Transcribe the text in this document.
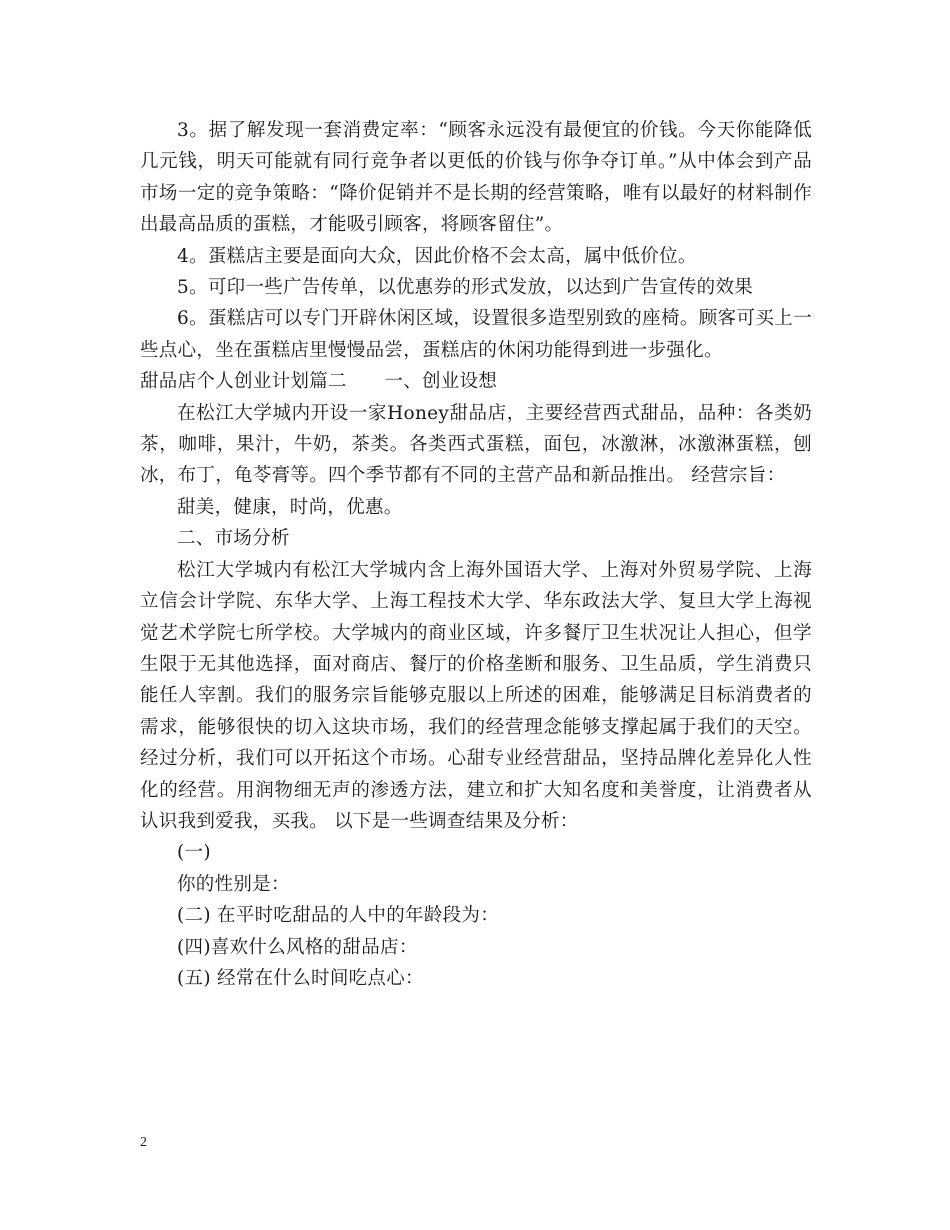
3。据了解发现一套消费定率：“顾客永远没有最便宜的价钱。今天你能降低几元钱，明天可能就有同行竞争者以更低的价钱与你争夺订单。”从中体会到产品市场一定的竞争策略：“降价促销并不是长期的经营策略，唯有以最好的材料制作出最高品质的蛋糕，才能吸引顾客，将顾客留住”。

4。蛋糕店主要是面向大众，因此价格不会太高，属中低价位。

5。可印一些广告传单，以优惠券的形式发放，以达到广告宣传的效果

6。蛋糕店可以专门开辟休闲区域，设置很多造型别致的座椅。顾客可买上一些点心，坐在蛋糕店里慢慢品尝，蛋糕店的休闲功能得到进一步强化。

甜品店个人创业计划篇二　　一、创业设想

在松江大学城内开设一家Honey甜品店，主要经营西式甜品，品种：各类奶茶，咖啡，果汁，牛奶，茶类。各类西式蛋糕，面包，冰激淋，冰激淋蛋糕，刨冰，布丁，龟苓膏等。四个季节都有不同的主营产品和新品推出。 经营宗旨：

甜美，健康，时尚，优惠。

二、市场分析

松江大学城内有松江大学城内含上海外国语大学、上海对外贸易学院、上海立信会计学院、东华大学、上海工程技术大学、华东政法大学、复旦大学上海视觉艺术学院七所学校。大学城内的商业区域，许多餐厅卫生状况让人担心，但学生限于无其他选择，面对商店、餐厅的价格垄断和服务、卫生品质，学生消费只能任人宰割。我们的服务宗旨能够克服以上所述的困难，能够满足目标消费者的需求，能够很快的切入这块市场，我们的经营理念能够支撑起属于我们的天空。经过分析，我们可以开拓这个市场。心甜专业经营甜品，坚持品牌化差异化人性化的经营。用润物细无声的渗透方法，建立和扩大知名度和美誉度，让消费者从认识我到爱我，买我。 以下是一些调查结果及分析：

(一)

你的性别是：

(二) 在平时吃甜品的人中的年龄段为：

(四)喜欢什么风格的甜品店：

(五) 经常在什么时间吃点心：

2
